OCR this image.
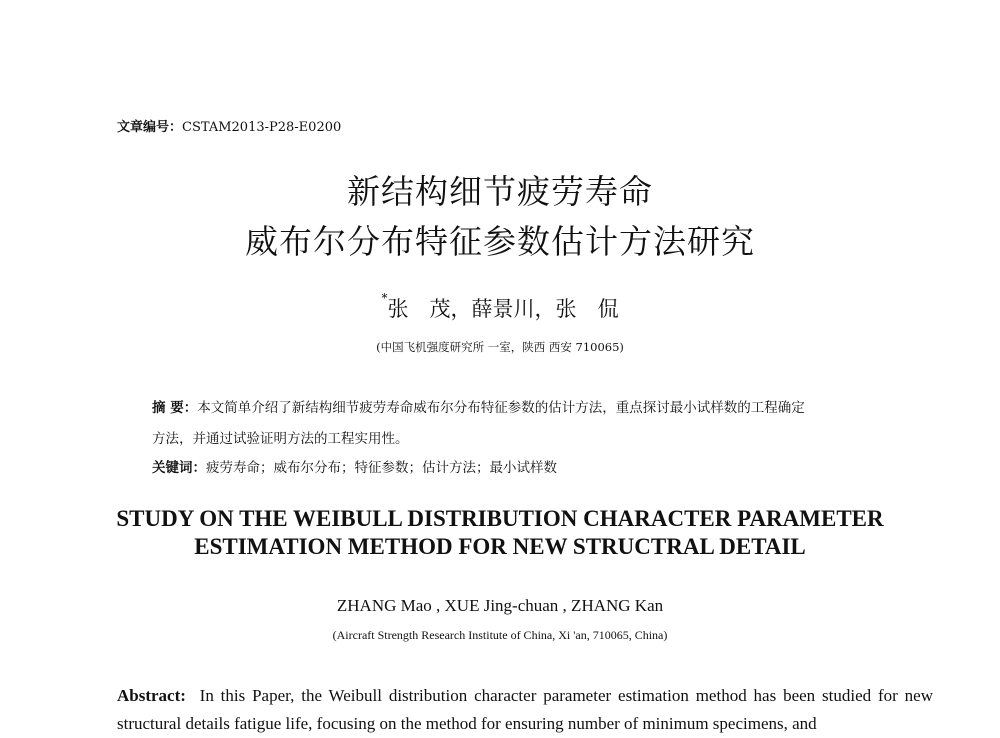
文章编号：CSTAM2013-P28-E0200
新结构细节疲劳寿命
威布尔分布特征参数估计方法研究
*张　茂，薛景川，张　侃
(中国飞机强度研究所 一室，陕西 西安 710065)
摘 要：本文简单介绍了新结构细节疲劳寿命威布尔分布特征参数的估计方法，重点探讨最小试样数的工程确定
方法，并通过试验证明方法的工程实用性。
关键词：疲劳寿命；威布尔分布；特征参数；估计方法；最小试样数
STUDY ON THE WEIBULL DISTRIBUTION CHARACTER PARAMETER
ESTIMATION METHOD FOR NEW STRUCTRAL DETAIL
ZHANG Mao , XUE Jing-chuan , ZHANG Kan
(Aircraft Strength Research Institute of China, Xi 'an, 710065, China)
Abstract: In this Paper, the Weibull distribution character parameter estimation method has been studied for new structural details fatigue life, focusing on the method for ensuring number of minimum specimens, and
